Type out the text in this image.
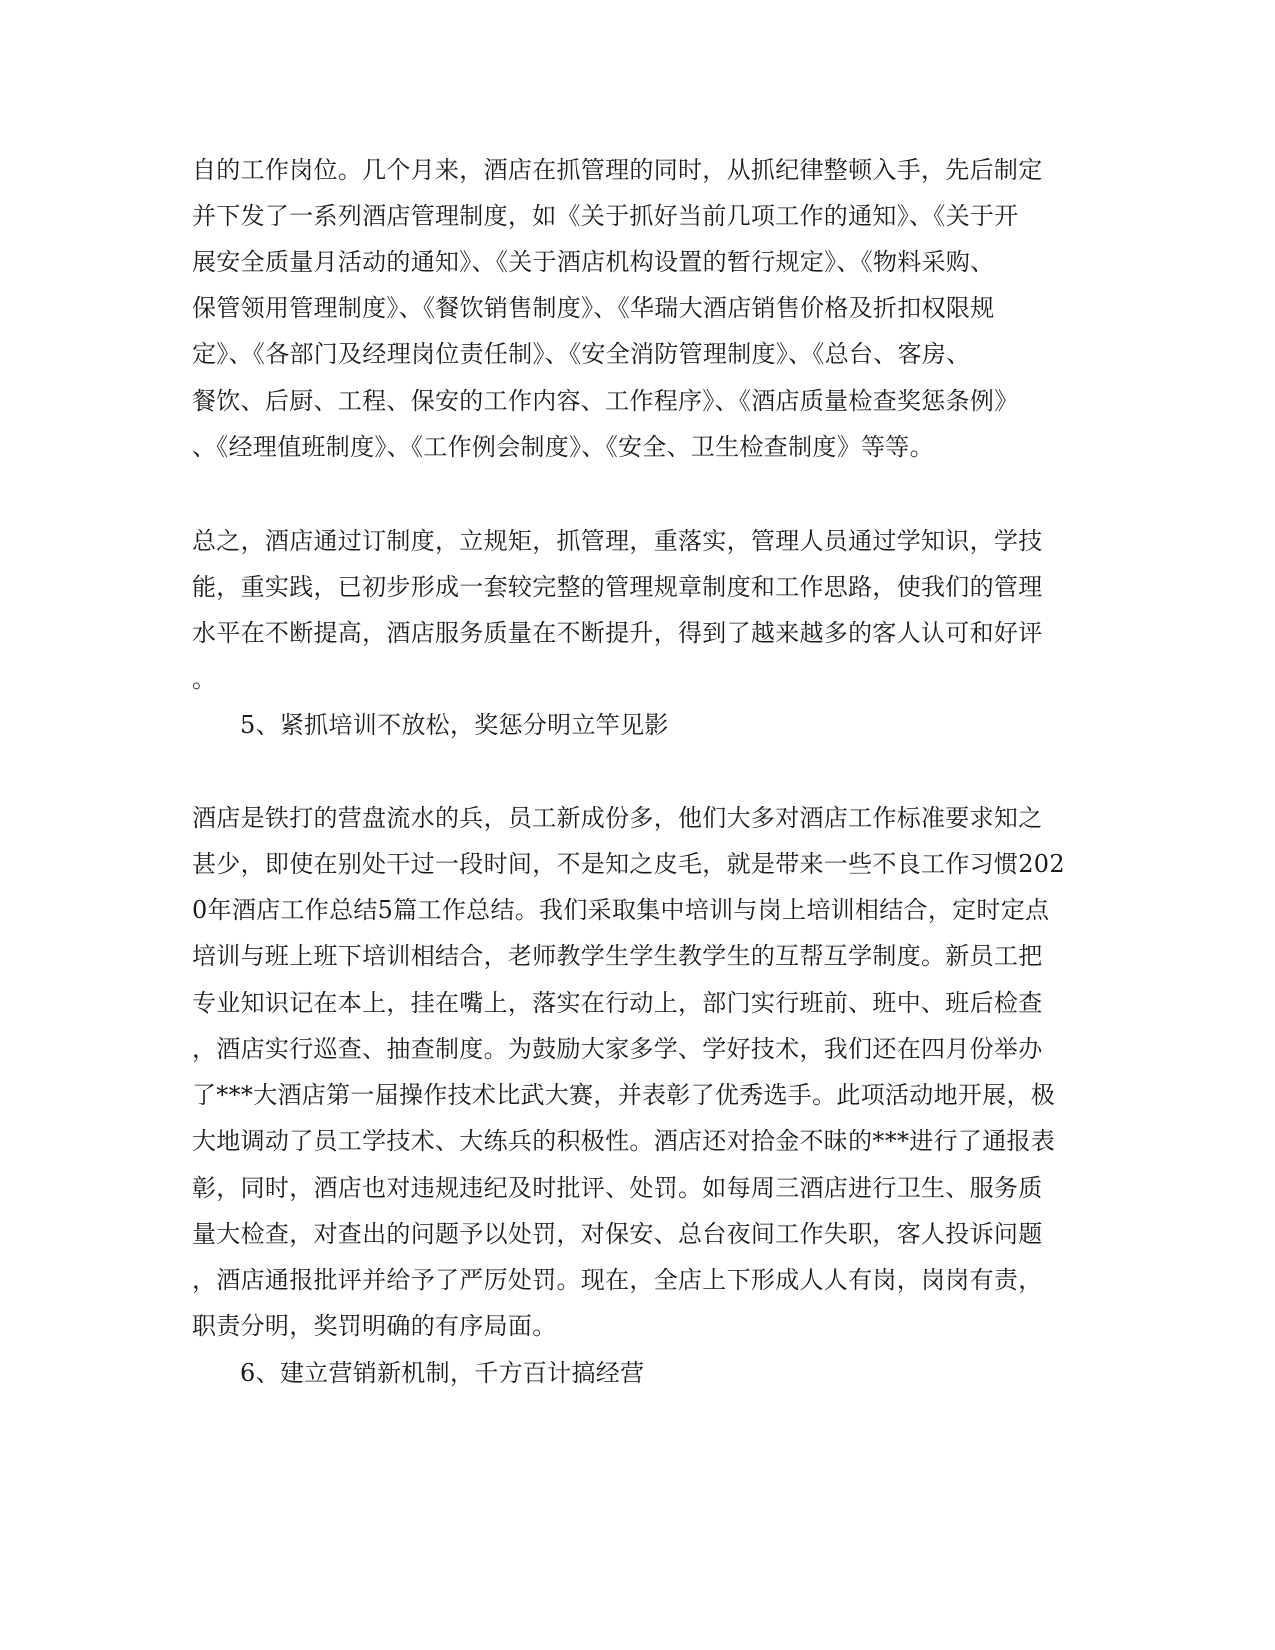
自的工作岗位。几个月来，酒店在抓管理的同时，从抓纪律整顿入手，先后制定
并下发了一系列酒店管理制度，如《关于抓好当前几项工作的通知》、《关于开
展安全质量月活动的通知》、《关于酒店机构设置的暂行规定》、《物料采购、
保管领用管理制度》、《餐饮销售制度》、《华瑞大酒店销售价格及折扣权限规
定》、《各部门及经理岗位责任制》、《安全消防管理制度》、《总台、客房、
餐饮、后厨、工程、保安的工作内容、工作程序》、《酒店质量检查奖惩条例》
、《经理值班制度》、《工作例会制度》、《安全、卫生检查制度》等等。
总之，酒店通过订制度，立规矩，抓管理，重落实，管理人员通过学知识，学技
能，重实践，已初步形成一套较完整的管理规章制度和工作思路，使我们的管理
水平在不断提高，酒店服务质量在不断提升，得到了越来越多的客人认可和好评
。
5、紧抓培训不放松，奖惩分明立竿见影
酒店是铁打的营盘流水的兵，员工新成份多，他们大多对酒店工作标准要求知之
甚少，即使在别处干过一段时间，不是知之皮毛，就是带来一些不良工作习惯202
0年酒店工作总结5篇工作总结。我们采取集中培训与岗上培训相结合，定时定点
培训与班上班下培训相结合，老师教学生学生教学生的互帮互学制度。新员工把
专业知识记在本上，挂在嘴上，落实在行动上，部门实行班前、班中、班后检查
，酒店实行巡查、抽查制度。为鼓励大家多学、学好技术，我们还在四月份举办
了***大酒店第一届操作技术比武大赛，并表彰了优秀选手。此项活动地开展，极
大地调动了员工学技术、大练兵的积极性。酒店还对拾金不昧的***进行了通报表
彰，同时，酒店也对违规违纪及时批评、处罚。如每周三酒店进行卫生、服务质
量大检查，对查出的问题予以处罚，对保安、总台夜间工作失职，客人投诉问题
，酒店通报批评并给予了严厉处罚。现在，全店上下形成人人有岗，岗岗有责，
职责分明，奖罚明确的有序局面。
6、建立营销新机制，千方百计搞经营
